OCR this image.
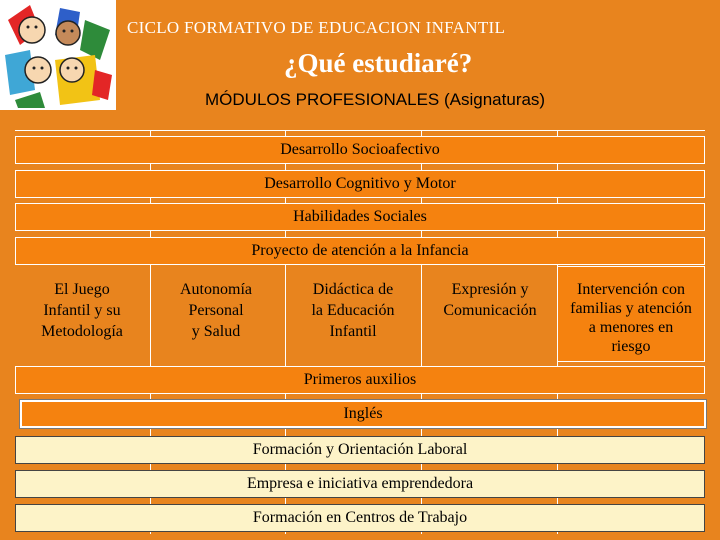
CICLO FORMATIVO DE EDUCACION INFANTIL
¿Qué estudiaré?
MÓDULOS PROFESIONALES (Asignaturas)
Desarrollo Socioafectivo
Desarrollo Cognitivo y Motor
Habilidades Sociales
Proyecto de atención a la Infancia
El Juego
Infantil y su
Metodología
Autonomía
Personal
y Salud
Didáctica de
la Educación
Infantil
Expresión y
Comunicación
Intervención con
familias y atención
a menores en
riesgo
Primeros auxilios
Inglés
Formación y Orientación Laboral
Empresa e iniciativa emprendedora
Formación en Centros de Trabajo
